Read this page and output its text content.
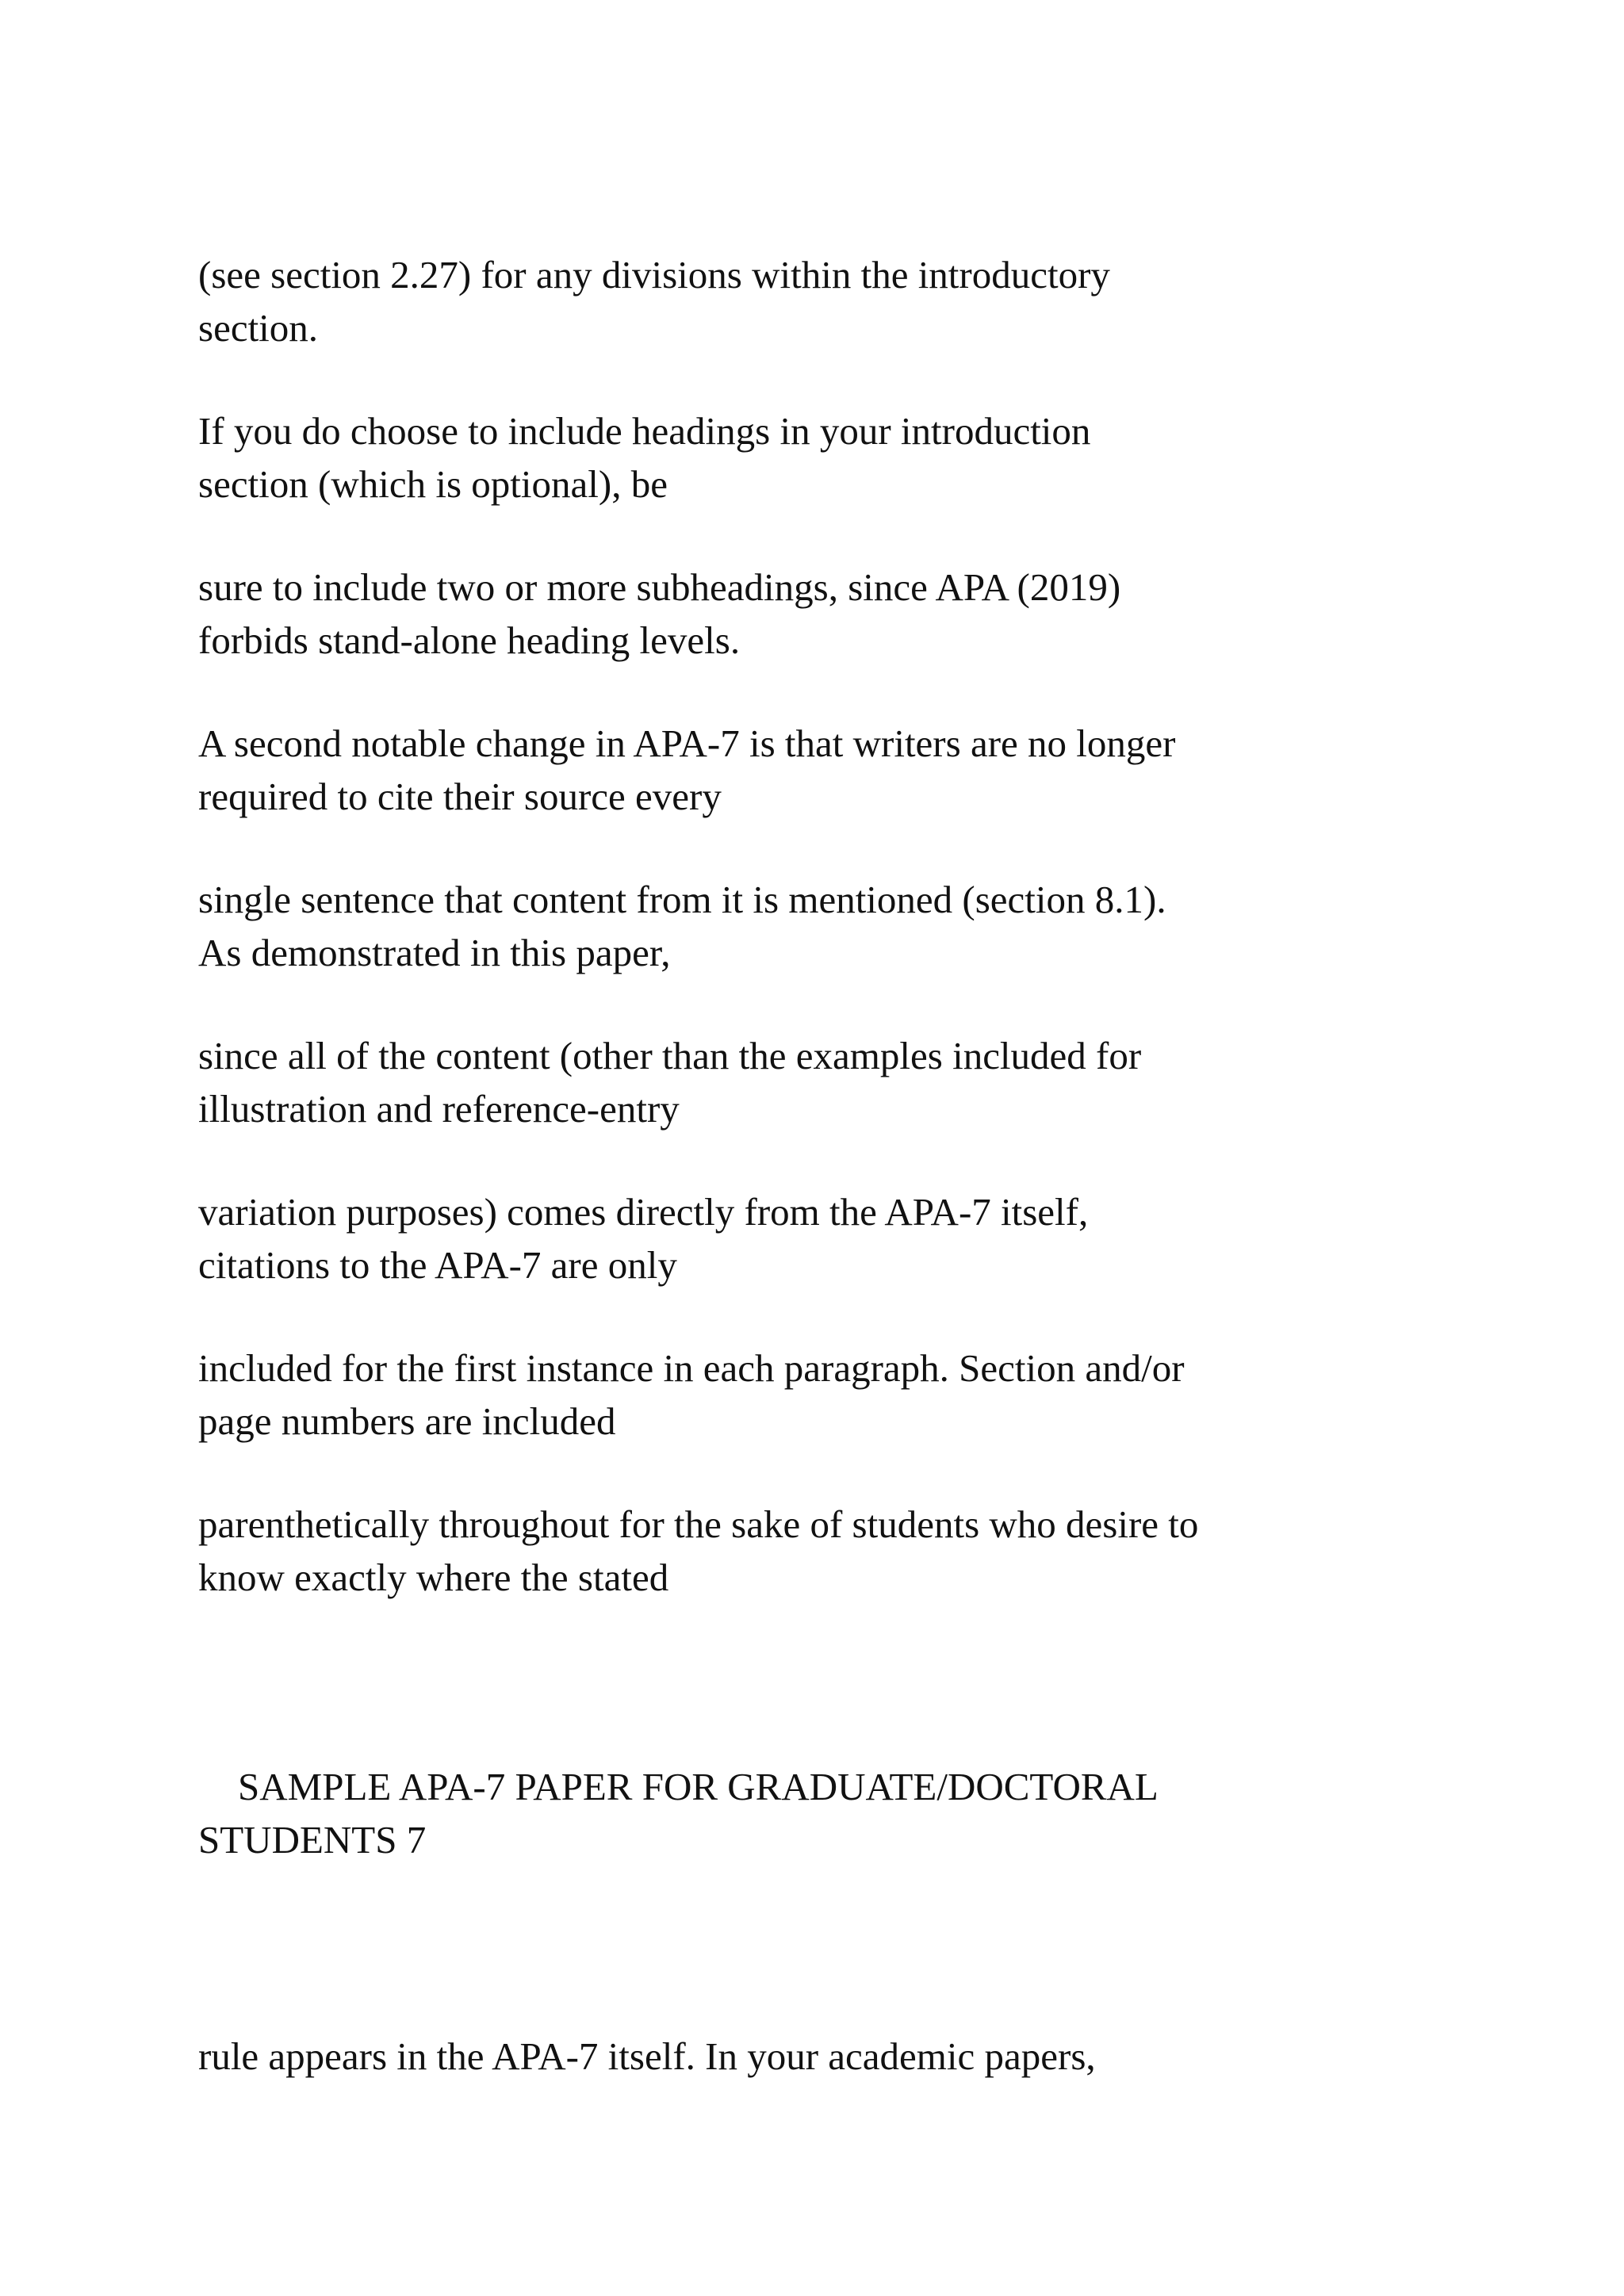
(see section 2.27) for any divisions within the introductory
section.
If you do choose to include headings in your introduction
section (which is optional), be
sure to include two or more subheadings, since APA (2019)
forbids stand-alone heading levels.
A second notable change in APA-7 is that writers are no longer
required to cite their source every
single sentence that content from it is mentioned (section 8.1).
As demonstrated in this paper,
since all of the content (other than the examples included for
illustration and reference-entry
variation purposes) comes directly from the APA-7 itself,
citations to the APA-7 are only
included for the first instance in each paragraph. Section and/or
page numbers are included
parenthetically throughout for the sake of students who desire to
know exactly where the stated
SAMPLE APA-7 PAPER FOR GRADUATE/DOCTORAL
STUDENTS 7
rule appears in the APA-7 itself. In your academic papers,
